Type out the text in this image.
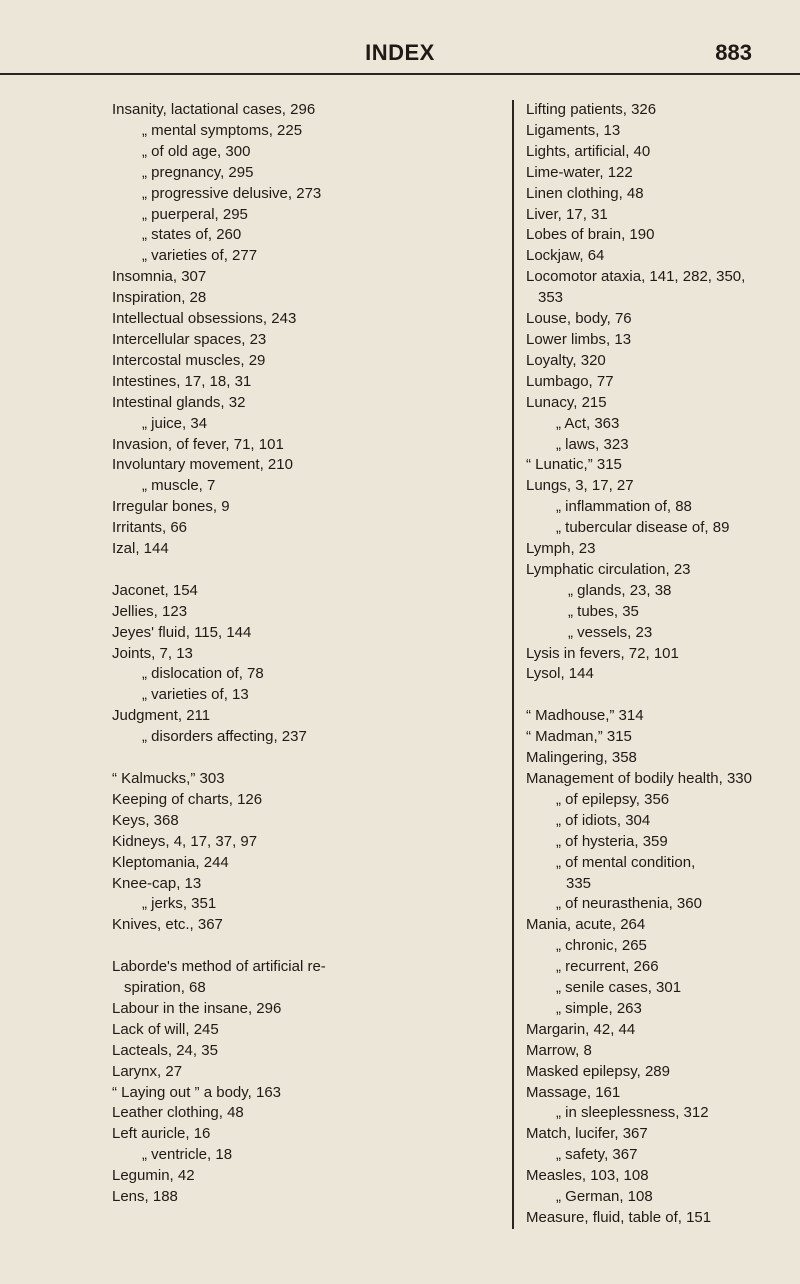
INDEX	883
Insanity, lactational cases, 296
„ mental symptoms, 225
„ of old age, 300
„ pregnancy, 295
„ progressive delusive, 273
„ puerperal, 295
„ states of, 260
„ varieties of, 277
Insomnia, 307
Inspiration, 28
Intellectual obsessions, 243
Intercellular spaces, 23
Intercostal muscles, 29
Intestines, 17, 18, 31
Intestinal glands, 32
„ juice, 34
Invasion, of fever, 71, 101
Involuntary movement, 210
„ muscle, 7
Irregular bones, 9
Irritants, 66
Izal, 144
Jaconet, 154
Jellies, 123
Jeyes' fluid, 115, 144
Joints, 7, 13
„ dislocation of, 78
„ varieties of, 13
Judgment, 211
„ disorders affecting, 237
“ Kalmucks,” 303
Keeping of charts, 126
Keys, 368
Kidneys, 4, 17, 37, 97
Kleptomania, 244
Knee-cap, 13
„ jerks, 351
Knives, etc., 367
Laborde's method of artificial re-
spiration, 68
Labour in the insane, 296
Lack of will, 245
Lacteals, 24, 35
Larynx, 27
“ Laying out ” a body, 163
Leather clothing, 48
Left auricle, 16
„ ventricle, 18
Legumin, 42
Lens, 188
Lifting patients, 326
Ligaments, 13
Lights, artificial, 40
Lime-water, 122
Linen clothing, 48
Liver, 17, 31
Lobes of brain, 190
Lockjaw, 64
Locomotor ataxia, 141, 282, 350,
353
Louse, body, 76
Lower limbs, 13
Loyalty, 320
Lumbago, 77
Lunacy, 215
„ Act, 363
„ laws, 323
“ Lunatic,” 315
Lungs, 3, 17, 27
„ inflammation of, 88
„ tubercular disease of, 89
Lymph, 23
Lymphatic circulation, 23
„ glands, 23, 38
„ tubes, 35
„ vessels, 23
Lysis in fevers, 72, 101
Lysol, 144
“ Madhouse,” 314
“ Madman,” 315
Malingering, 358
Management of bodily health, 330
„ of epilepsy, 356
„ of idiots, 304
„ of hysteria, 359
„ of mental condition,
335
„ of neurasthenia, 360
Mania, acute, 264
„ chronic, 265
„ recurrent, 266
„ senile cases, 301
„ simple, 263
Margarin, 42, 44
Marrow, 8
Masked epilepsy, 289
Massage, 161
„ in sleeplessness, 312
Match, lucifer, 367
„ safety, 367
Measles, 103, 108
„ German, 108
Measure, fluid, table of, 151
